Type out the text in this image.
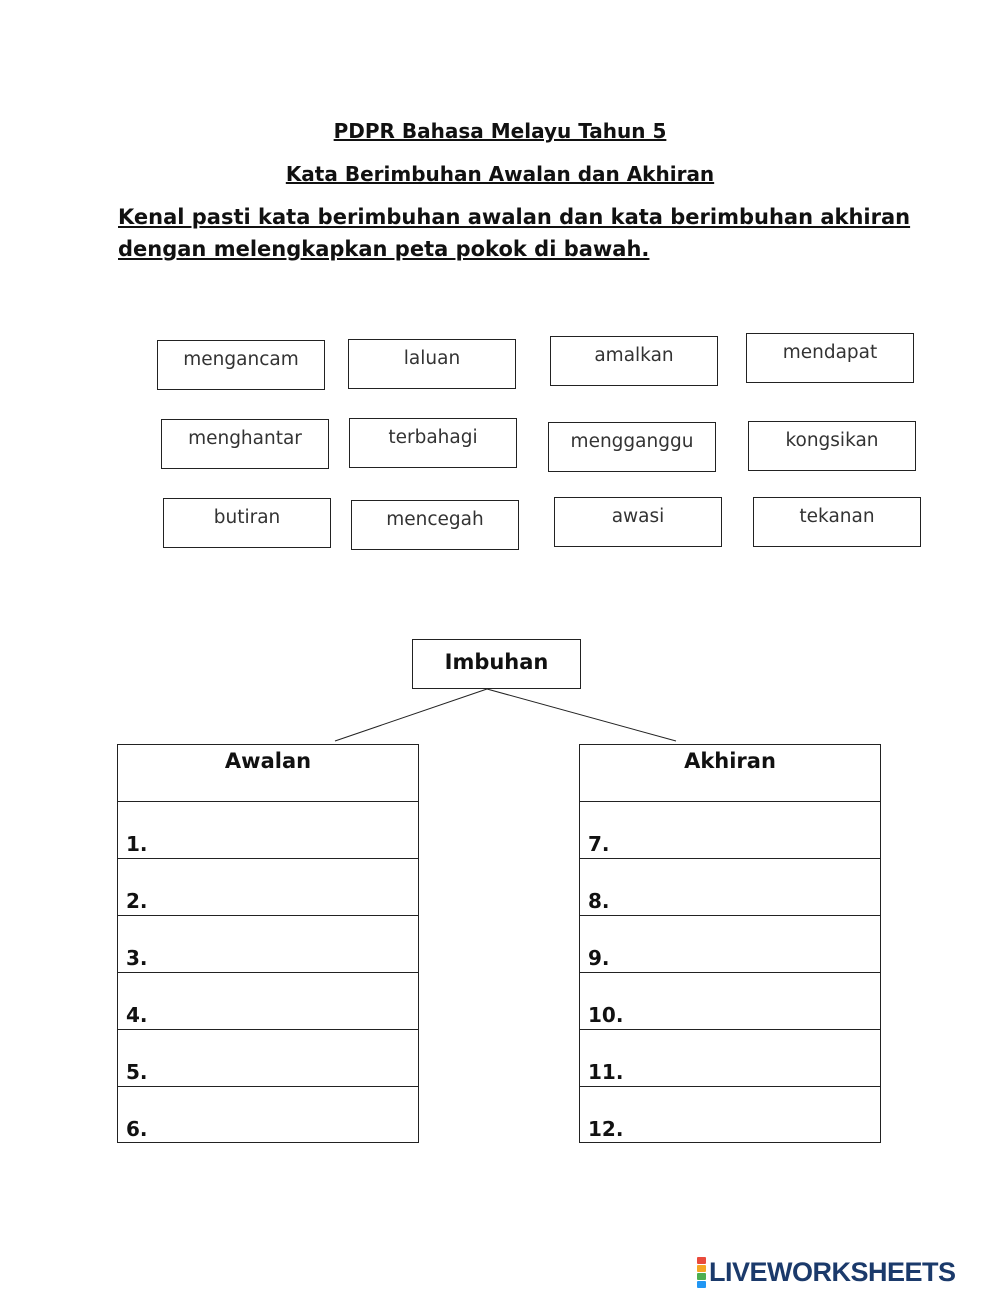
PDPR Bahasa Melayu Tahun 5
Kata Berimbuhan Awalan dan Akhiran
Kenal pasti kata berimbuhan awalan dan kata berimbuhan akhiran
dengan melengkapkan peta pokok di bawah.
mengancam	laluan	amalkan	mendapat
menghantar	terbahagi	mengganggu	kongsikan
butiran	mencegah	awasi	tekanan
Imbuhan
Awalan
1.
2.
3.
4.
5.
6.
Akhiran
7.
8.
9.
10.
11.
12.
LIVEWORKSHEETS
